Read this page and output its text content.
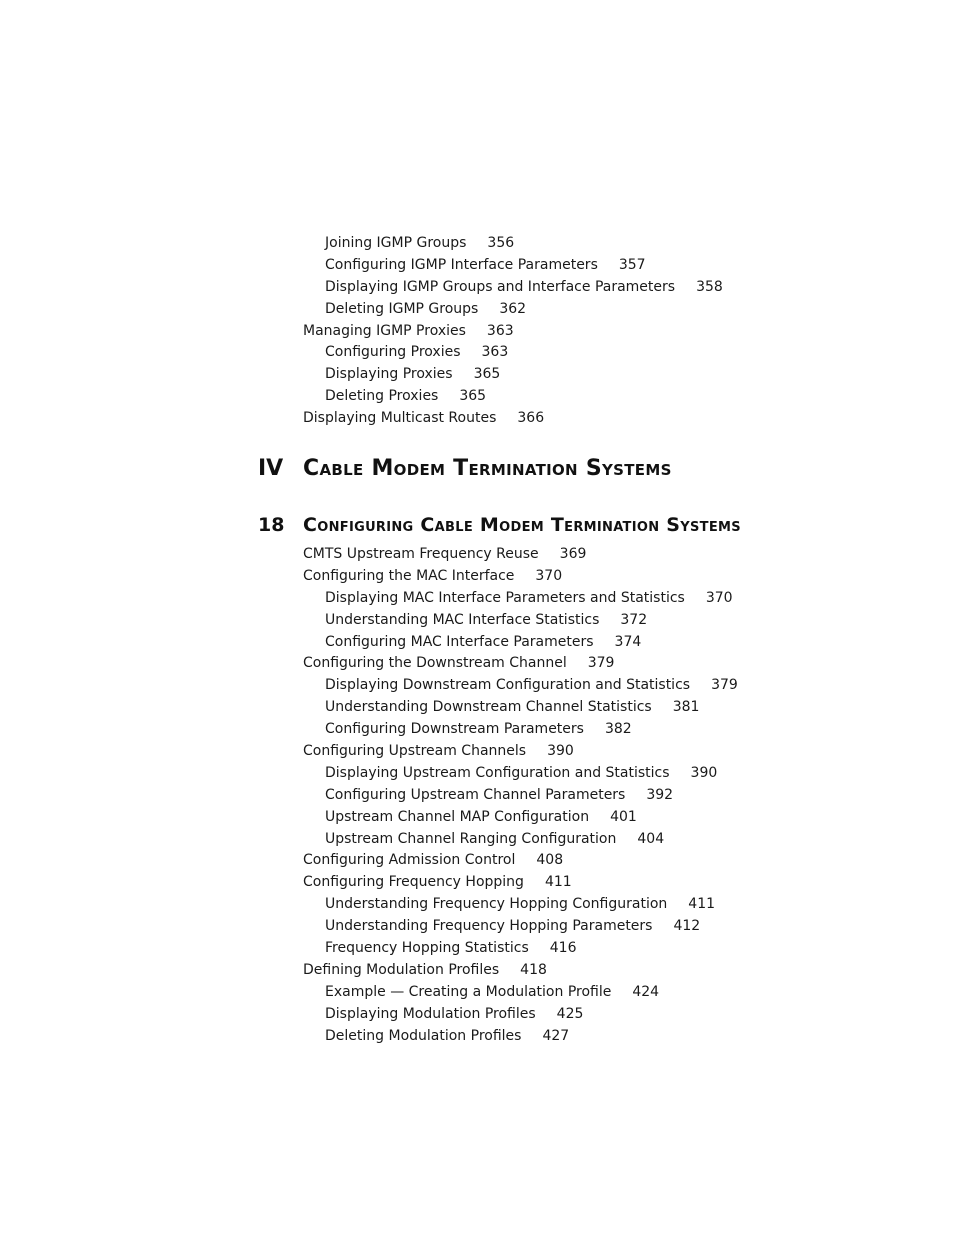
Joining IGMP Groups 356
Configuring IGMP Interface Parameters 357
Displaying IGMP Groups and Interface Parameters 358
Deleting IGMP Groups 362
Managing IGMP Proxies 363
Configuring Proxies 363
Displaying Proxies 365
Deleting Proxies 365
Displaying Multicast Routes 366
IV Cable Modem Termination Systems
18 Configuring Cable Modem Termination Systems
CMTS Upstream Frequency Reuse 369
Configuring the MAC Interface 370
Displaying MAC Interface Parameters and Statistics 370
Understanding MAC Interface Statistics 372
Configuring MAC Interface Parameters 374
Configuring the Downstream Channel 379
Displaying Downstream Configuration and Statistics 379
Understanding Downstream Channel Statistics 381
Configuring Downstream Parameters 382
Configuring Upstream Channels 390
Displaying Upstream Configuration and Statistics 390
Configuring Upstream Channel Parameters 392
Upstream Channel MAP Configuration 401
Upstream Channel Ranging Configuration 404
Configuring Admission Control 408
Configuring Frequency Hopping 411
Understanding Frequency Hopping Configuration 411
Understanding Frequency Hopping Parameters 412
Frequency Hopping Statistics 416
Defining Modulation Profiles 418
Example — Creating a Modulation Profile 424
Displaying Modulation Profiles 425
Deleting Modulation Profiles 427
